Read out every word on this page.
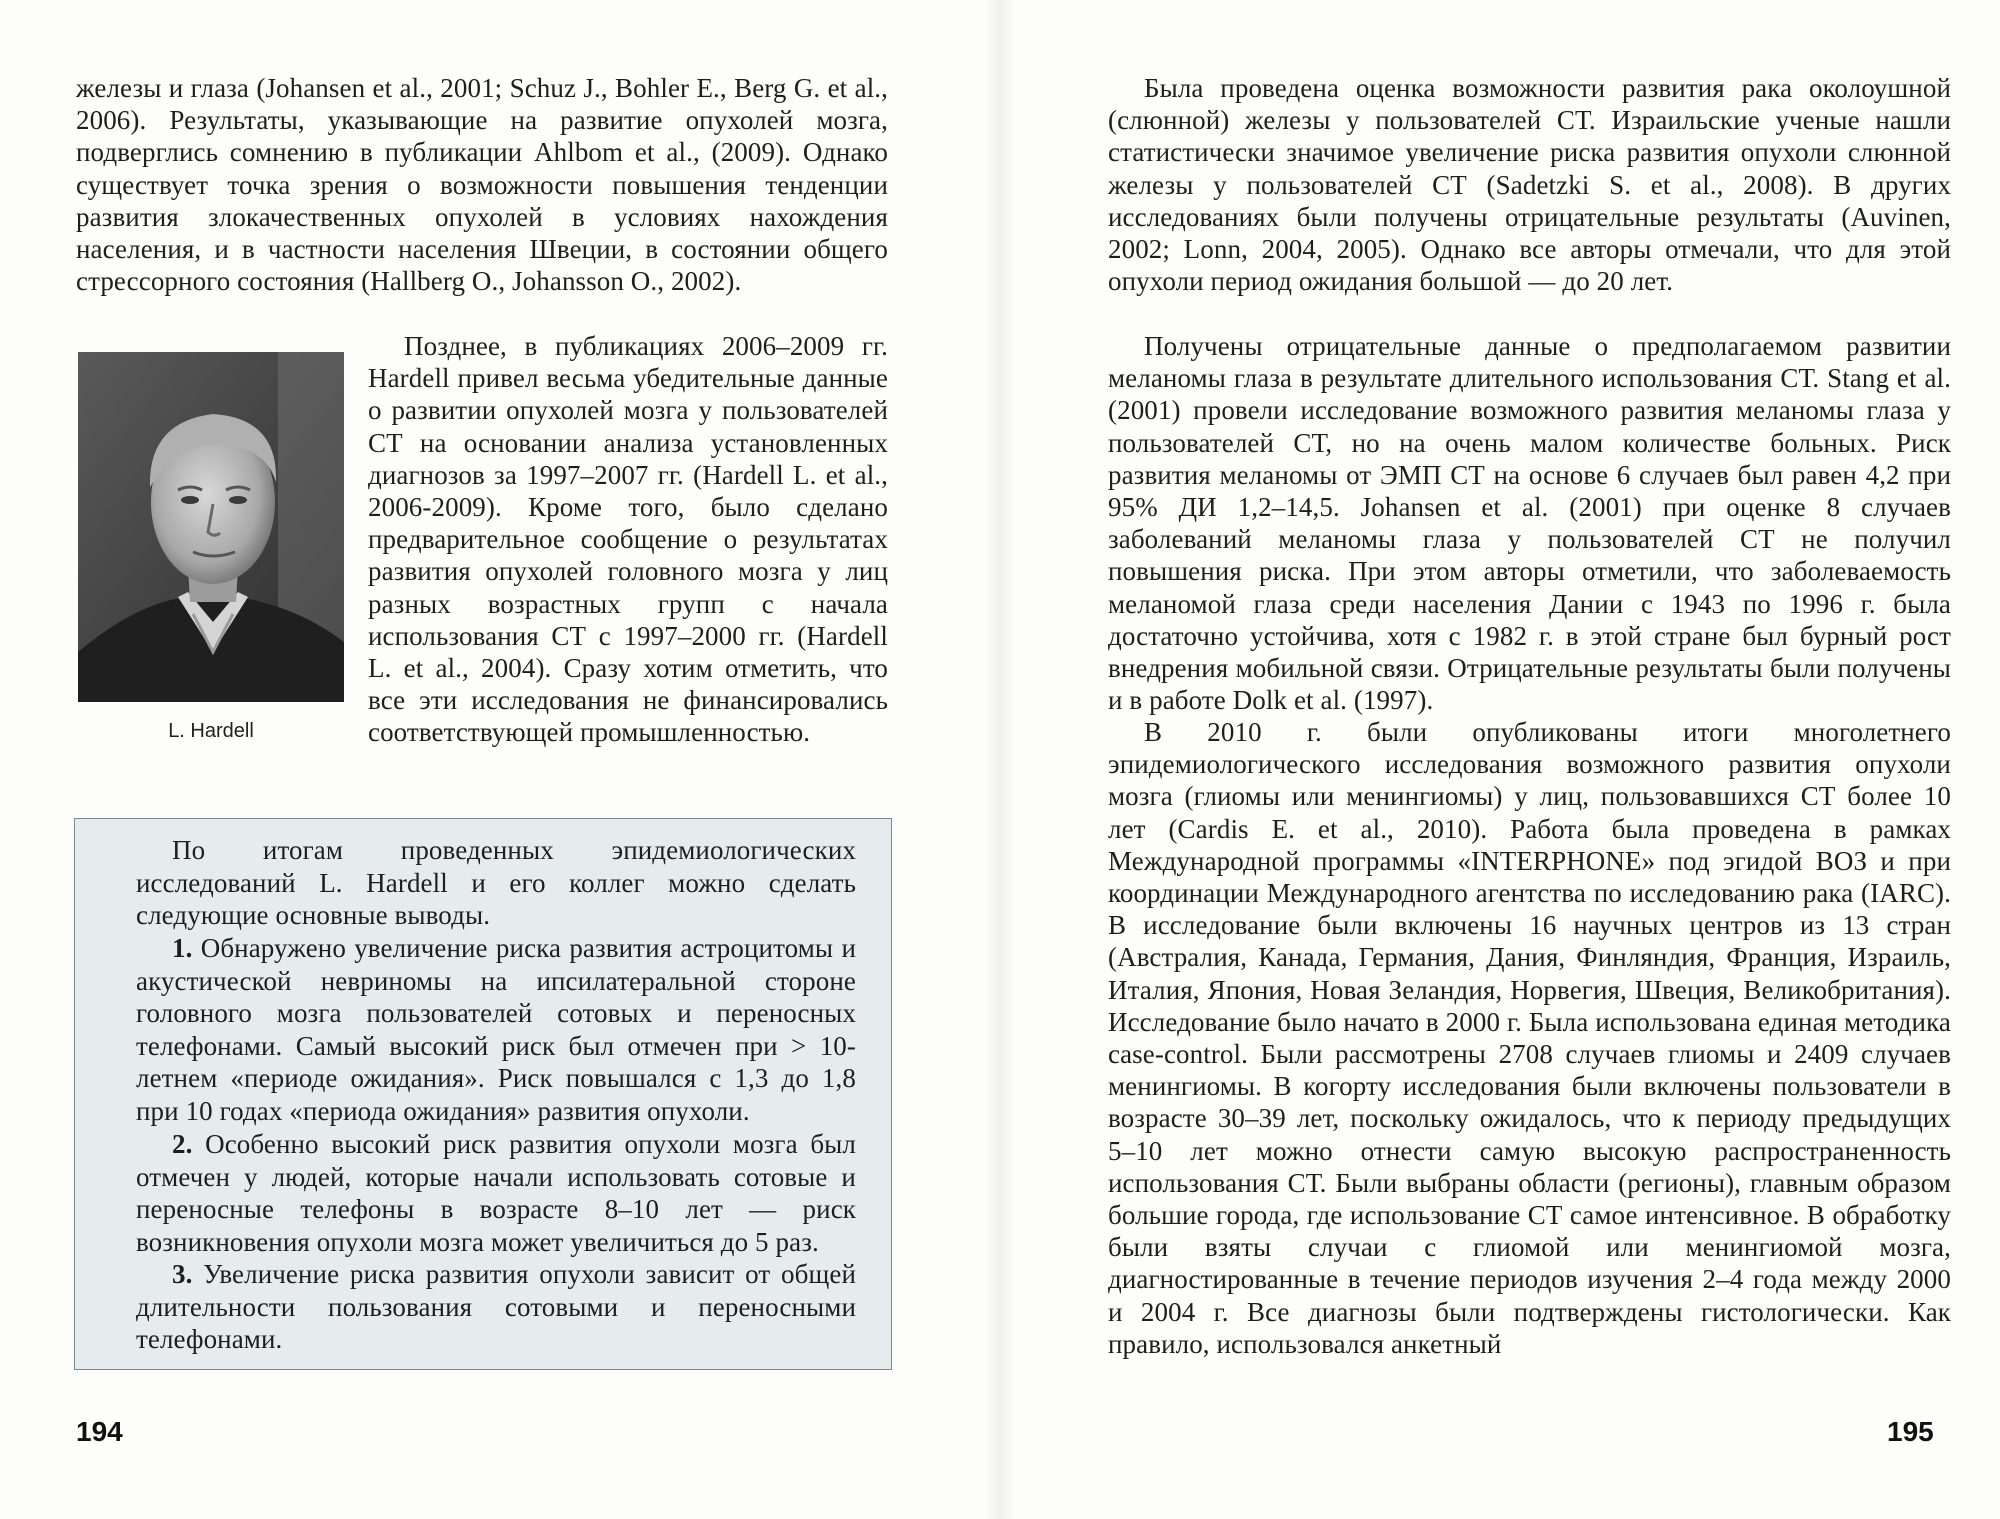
железы и глаза (Johansen et al., 2001; Schuz J., Bohler E., Berg G. et al., 2006). Результаты, указывающие на развитие опухолей мозга, подверглись сомнению в публикации Ahlbom et al., (2009). Однако существует точка зрения о возможности повышения тенденции развития злокачественных опухолей в условиях нахождения населения, и в частности населения Швеции, в состоянии общего стрессорного состояния (Hallberg O., Johansson O., 2002).

L. Hardell

Позднее, в публикациях 2006–2009 гг. Hardell привел весьма убедительные данные о развитии опухолей мозга у пользователей СТ на основании анализа установленных диагнозов за 1997–2007 гг. (Hardell L. et al., 2006-2009). Кроме того, было сделано предварительное сообщение о результатах развития опухолей головного мозга у лиц разных возрастных групп с начала использования СТ с 1997–2000 гг. (Hardell L. et al., 2004). Сразу хотим отметить, что все эти исследования не финансировались соответствующей промышленностью.

По итогам проведенных эпидемиологических исследований L. Hardell и его коллег можно сделать следующие основные выводы.

1. Обнаружено увеличение риска развития астроцитомы и акустической невриномы на ипсилатеральной стороне головного мозга пользователей сотовых и переносных телефонами. Самый высокий риск был отмечен при > 10-летнем «периоде ожидания». Риск повышался с 1,3 до 1,8 при 10 годах «периода ожидания» развития опухоли.

2. Особенно высокий риск развития опухоли мозга был отмечен у людей, которые начали использовать сотовые и переносные телефоны в возрасте 8–10 лет — риск возникновения опухоли мозга может увеличиться до 5 раз.

3. Увеличение риска развития опухоли зависит от общей длительности пользования сотовыми и переносными телефонами.

194

Была проведена оценка возможности развития рака околоушной (слюнной) железы у пользователей СТ. Израильские ученые нашли статистически значимое увеличение риска развития опухоли слюнной железы у пользователей СТ (Sadetzki S. et al., 2008). В других исследованиях были получены отрицательные результаты (Auvinen, 2002; Lonn, 2004, 2005). Однако все авторы отмечали, что для этой опухоли период ожидания большой — до 20 лет.

Получены отрицательные данные о предполагаемом развитии меланомы глаза в результате длительного использования СТ. Stang et al. (2001) провели исследование возможного развития меланомы глаза у пользователей СТ, но на очень малом количестве больных. Риск развития меланомы от ЭМП СТ на основе 6 случаев был равен 4,2 при 95% ДИ 1,2–14,5. Johansen et al. (2001) при оценке 8 случаев заболеваний меланомы глаза у пользователей СТ не получил повышения риска. При этом авторы отметили, что заболеваемость меланомой глаза среди населения Дании с 1943 по 1996 г. была достаточно устойчива, хотя с 1982 г. в этой стране был бурный рост внедрения мобильной связи. Отрицательные результаты были получены и в работе Dolk et al. (1997).

В 2010 г. были опубликованы итоги многолетнего эпидемиологического исследования возможного развития опухоли мозга (глиомы или менингиомы) у лиц, пользовавшихся СТ более 10 лет (Cardis E. et al., 2010). Работа была проведена в рамках Международной программы «INTERPHONE» под эгидой ВОЗ и при координации Международного агентства по исследованию рака (IARC). В исследование были включены 16 научных центров из 13 стран (Австралия, Канада, Германия, Дания, Финляндия, Франция, Израиль, Италия, Япония, Новая Зеландия, Норвегия, Швеция, Великобритания). Исследование было начато в 2000 г. Была использована единая методика case-control. Были рассмотрены 2708 случаев глиомы и 2409 случаев менингиомы. В когорту исследования были включены пользователи в возрасте 30–39 лет, поскольку ожидалось, что к периоду предыдущих 5–10 лет можно отнести самую высокую распространенность использования СТ. Были выбраны области (регионы), главным образом большие города, где использование СТ самое интенсивное. В обработку были взяты случаи с глиомой или менингиомой мозга, диагностированные в течение периодов изучения 2–4 года между 2000 и 2004 г. Все диагнозы были подтверждены гистологически. Как правило, использовался анкетный

195
